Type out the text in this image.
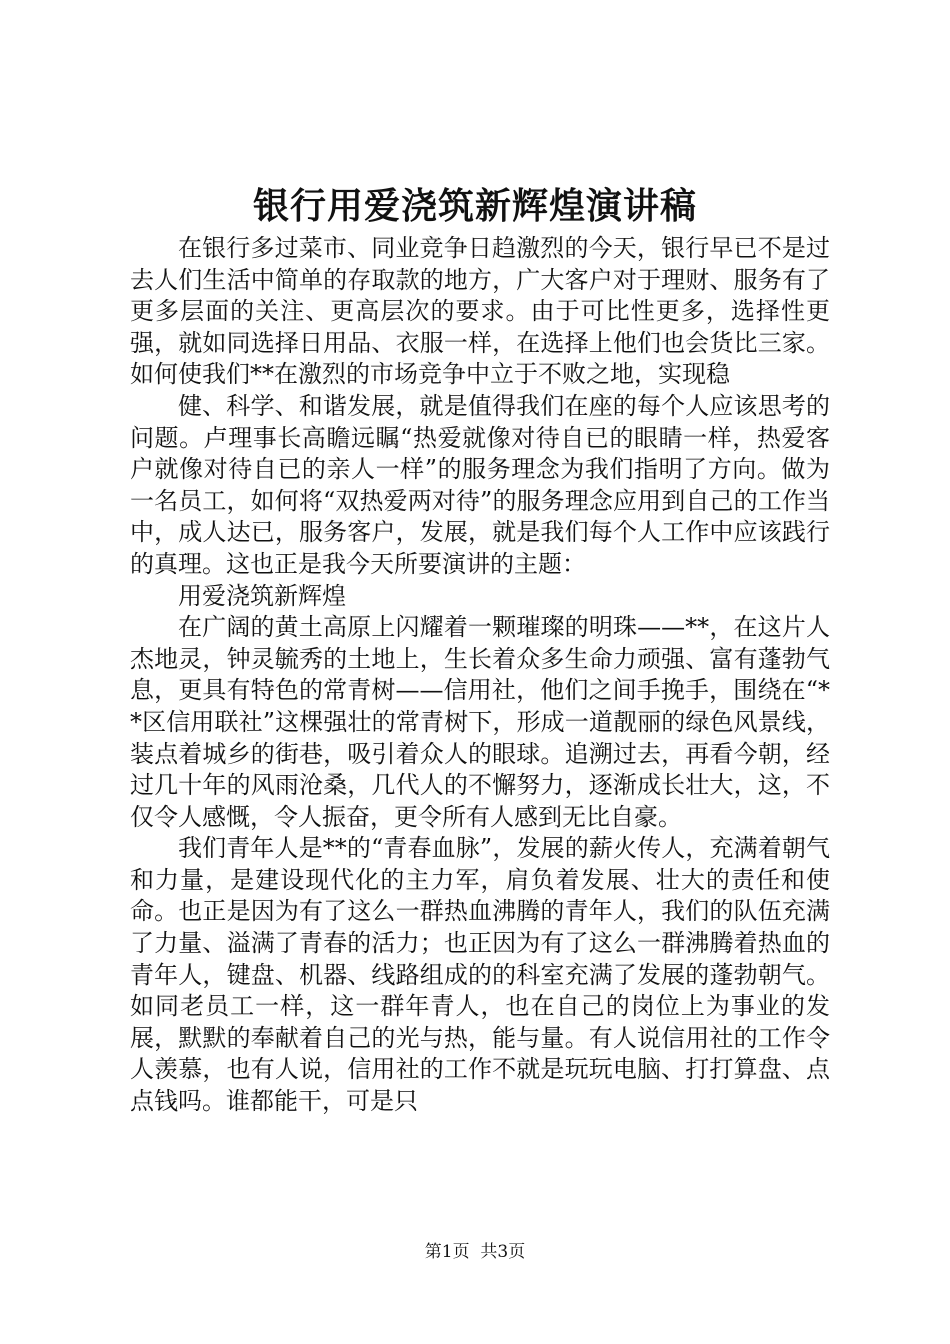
银行用爱浇筑新辉煌演讲稿

在银行多过菜市、同业竞争日趋激烈的今天，银行早已不是过去人们生活中简单的存取款的地方，广大客户对于理财、服务有了更多层面的关注、更高层次的要求。由于可比性更多，选择性更强，就如同选择日用品、衣服一样，在选择上他们也会货比三家。如何使我们**在激烈的市场竞争中立于不败之地，实现稳

健、科学、和谐发展，就是值得我们在座的每个人应该思考的问题。卢理事长高瞻远瞩“热爱就像对待自已的眼睛一样，热爱客户就像对待自已的亲人一样”的服务理念为我们指明了方向。做为一名员工，如何将“双热爱两对待”的服务理念应用到自己的工作当中，成人达已，服务客户，发展，就是我们每个人工作中应该践行的真理。这也正是我今天所要演讲的主题：

用爱浇筑新辉煌

在广阔的黄土高原上闪耀着一颗璀璨的明珠——**，在这片人杰地灵，钟灵毓秀的土地上，生长着众多生命力顽强、富有蓬勃气息，更具有特色的常青树——信用社，他们之间手挽手，围绕在“**区信用联社”这棵强壮的常青树下，形成一道靓丽的绿色风景线，装点着城乡的街巷，吸引着众人的眼球。追溯过去，再看今朝，经过几十年的风雨沧桑，几代人的不懈努力，逐渐成长壮大，这，不仅令人感慨，令人振奋，更令所有人感到无比自豪。

我们青年人是**的“青春血脉”，发展的薪火传人，充满着朝气和力量，是建设现代化的主力军，肩负着发展、壮大的责任和使命。也正是因为有了这么一群热血沸腾的青年人，我们的队伍充满了力量、溢满了青春的活力；也正因为有了这么一群沸腾着热血的青年人，键盘、机器、线路组成的的科室充满了发展的蓬勃朝气。如同老员工一样，这一群年青人，也在自己的岗位上为事业的发展，默默的奉献着自己的光与热，能与量。有人说信用社的工作令人羡慕，也有人说，信用社的工作不就是玩玩电脑、打打算盘、点点钱吗。谁都能干，可是只

第1页 共3页
